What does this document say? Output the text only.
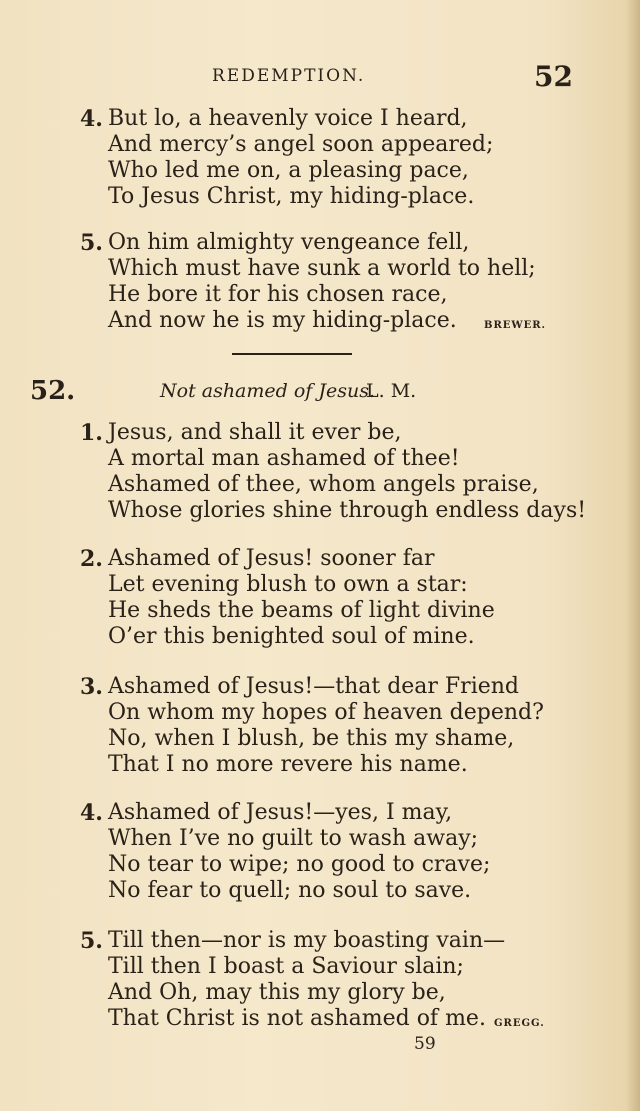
REDEMPTION.	52
4. But lo, a heavenly voice I heard,
And mercy’s angel soon appeared;
Who led me on, a pleasing pace,
To Jesus Christ, my hiding-place.
5. On him almighty vengeance fell,
Which must have sunk a world to hell;
He bore it for his chosen race,
And now he is my hiding-place.	BREWER.
52.	Not ashamed of Jesus.
L. M.
1. Jesus, and shall it ever be,
A mortal man ashamed of thee!
Ashamed of thee, whom angels praise,
Whose glories shine through endless days!
2. Ashamed of Jesus! sooner far
Let evening blush to own a star:
He sheds the beams of light divine
O’er this benighted soul of mine.
3. Ashamed of Jesus!—that dear Friend
On whom my hopes of heaven depend?
No, when I blush, be this my shame,
That I no more revere his name.
4. Ashamed of Jesus!—yes, I may,
When I’ve no guilt to wash away;
No tear to wipe; no good to crave;
No fear to quell; no soul to save.
5. Till then—nor is my boasting vain—
Till then I boast a Saviour slain;
And Oh, may this my glory be,
That Christ is not ashamed of me. GREGG.
59
